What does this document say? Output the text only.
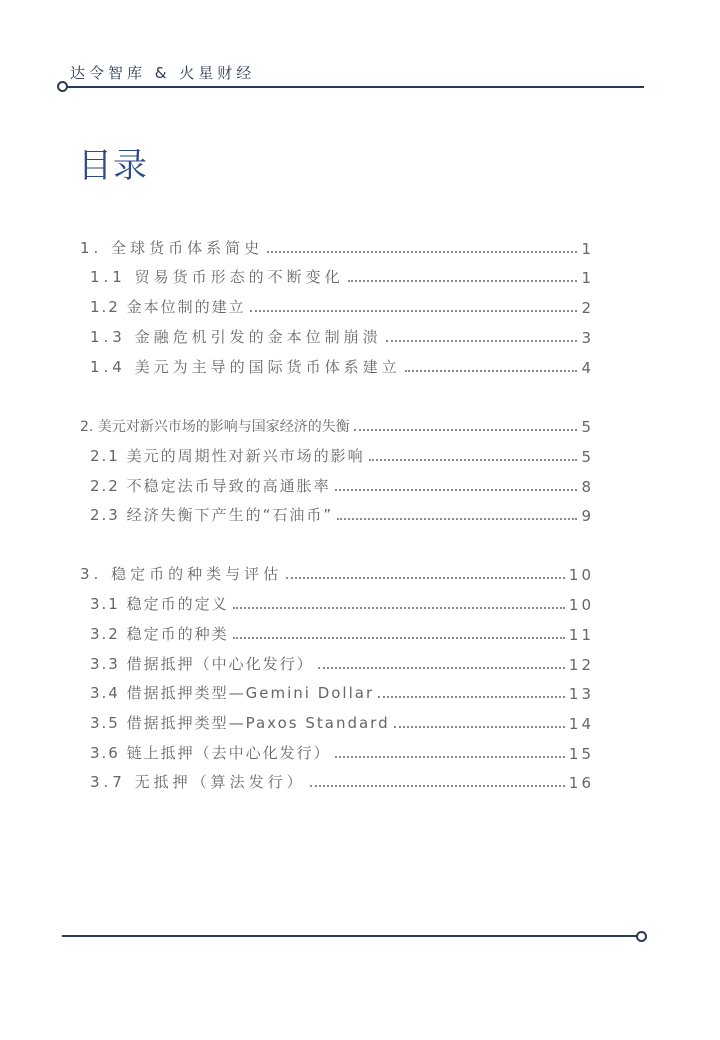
达令智库 & 火星财经
目录
1. 全球货币体系简史	1
1.1 贸易货币形态的不断变化	1
1.2 金本位制的建立	2
1.3 金融危机引发的金本位制崩溃	3
1.4 美元为主导的国际货币体系建立	4
2. 美元对新兴市场的影响与国家经济的失衡	5
2.1 美元的周期性对新兴市场的影响	5
2.2 不稳定法币导致的高通胀率	8
2.3 经济失衡下产生的“石油币”	9
3. 稳定币的种类与评估	10
3.1 稳定币的定义	10
3.2 稳定币的种类	11
3.3 借据抵押（中心化发行）	12
3.4 借据抵押类型—Gemini Dollar	13
3.5 借据抵押类型—Paxos Standard	14
3.6 链上抵押（去中心化发行）	15
3.7 无抵押（算法发行）	16
